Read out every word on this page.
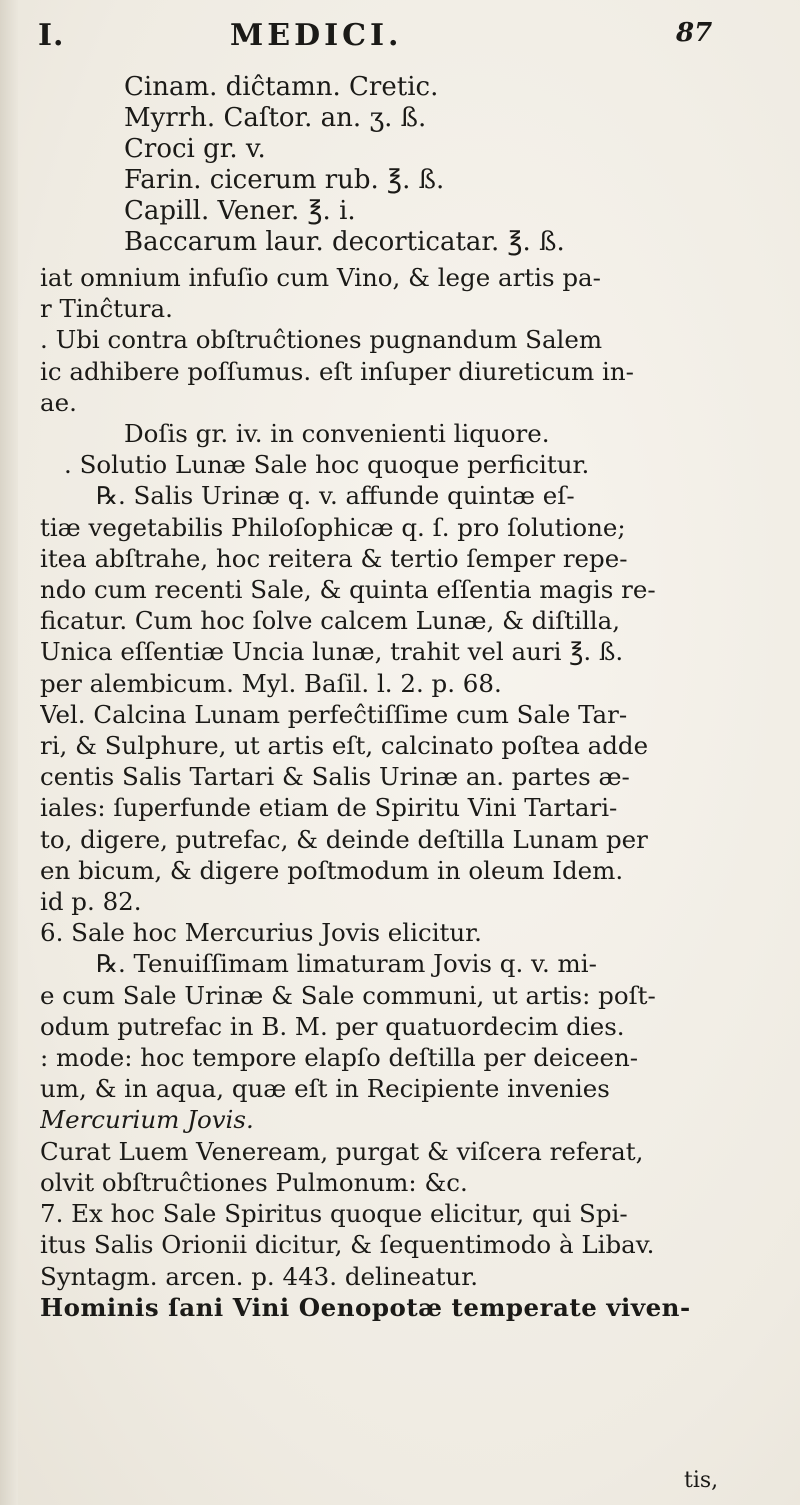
I.	MEDICI.	87
Cinam. diĉtamn. Cretic.
Myrrh. Caſtor. an. ʒ. ß.
Croci gr. v.
Farin. cicerum rub. ℥. ß.
Capill. Vener. ℥. i.
Baccarum laur. decorticatar. ℥. ß.
iat omnium infuſio cum Vino, & lege artis pa-
r Tinĉtura.
. Ubi contra obſtruĉtiones pugnandum Salem
ic adhibere poſſumus. eſt inſuper diureticum in-
ae.
Doſis gr. iv. in convenienti liquore.
. Solutio Lunæ Sale hoc quoque perficitur.
℞. Salis Urinæ q. v. affunde quintæ eſ-
tiæ vegetabilis Philoſophicæ q. ſ. pro ſolutione;
itea abſtrahe, hoc reitera & tertio ſemper repe-
ndo cum recenti Sale, & quinta eſſentia magis re-
ficatur. Cum hoc ſolve calcem Lunæ, & diſtilla,
Unica eſſentiæ Uncia lunæ, trahit vel auri ℥. ß.
per alembicum. Myl. Baſil. l. 2. p. 68.
Vel. Calcina Lunam perfeĉtiſſime cum Sale Tar-
ri, & Sulphure, ut artis eſt, calcinato poſtea adde
centis Salis Tartari & Salis Urinæ an. partes æ-
iales: ſuperfunde etiam de Spiritu Vini Tartari-
to, digere, putrefac, & deinde deſtilla Lunam per
en bicum, & digere poſtmodum in oleum Idem.
id p. 82.
6. Sale hoc Mercurius Jovis elicitur.
℞. Tenuiſſimam limaturam Jovis q. v. mi-
e cum Sale Urinæ & Sale communi, ut artis: poſt-
odum putrefac in B. M. per quatuordecim dies.
: mode: hoc tempore elapſo deſtilla per deiceen-
um, & in aqua, quæ eſt in Recipiente invenies
Mercurium Jovis.
Curat Luem Veneream, purgat & viſcera referat,
olvit obſtruĉtiones Pulmonum: &c.
7. Ex hoc Sale Spiritus quoque elicitur, qui Spi-
itus Salis Orionii dicitur, & ſequentimodo à Libav.
Syntagm. arcen. p. 443. delineatur.
Hominis ſani Vini Oenopotæ temperate viven-
tis,
